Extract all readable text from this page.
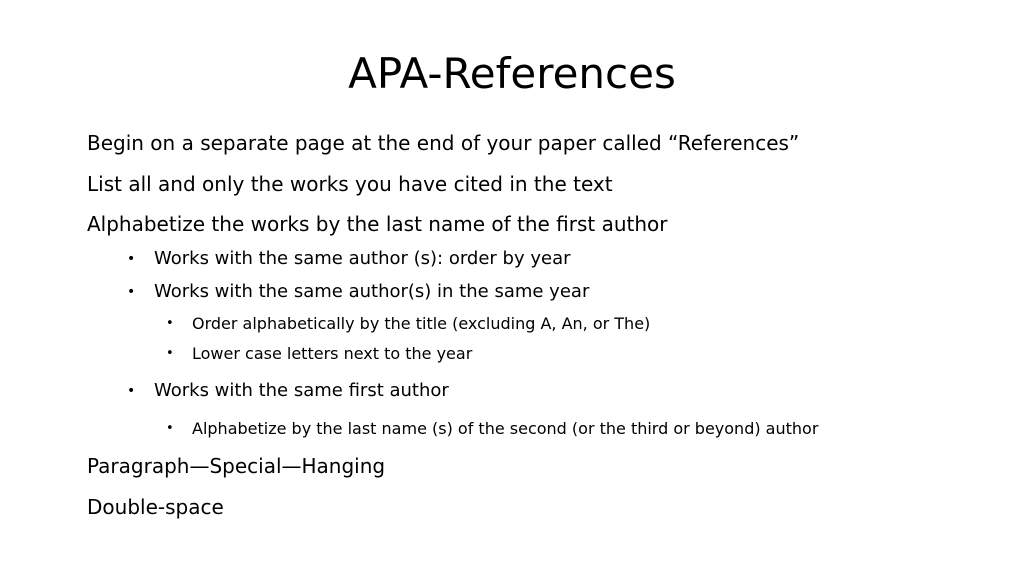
APA-References
Begin on a separate page at the end of your paper called “References”
List all and only the works you have cited in the text
Alphabetize the works by the last name of the first author
• Works with the same author (s): order by year
• Works with the same author(s) in the same year
• Order alphabetically by the title (excluding A, An, or The)
• Lower case letters next to the year
• Works with the same first author
• Alphabetize by the last name (s) of the second (or the third or beyond) author
Paragraph—Special—Hanging
Double-space
